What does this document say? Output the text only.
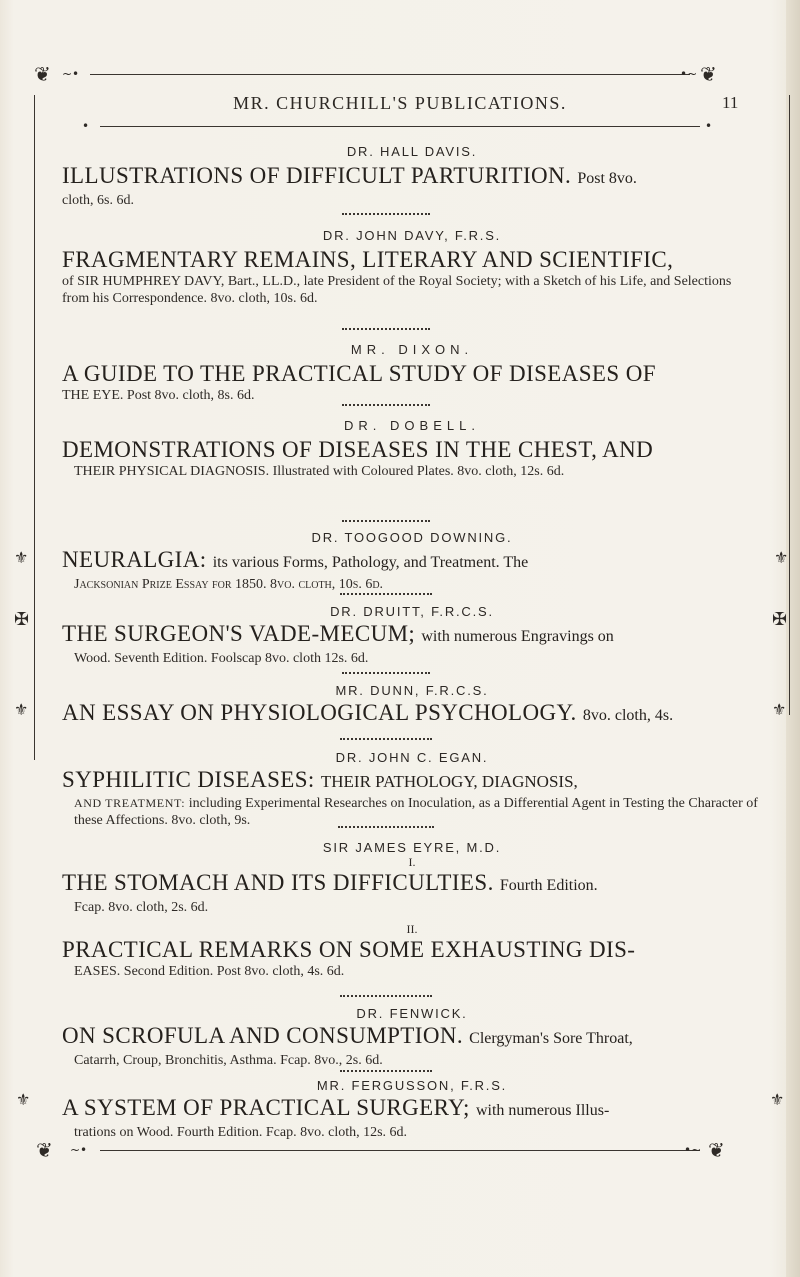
❦	❦
~•	•~
MR. CHURCHILL'S PUBLICATIONS.	11
•	•
DR. HALL DAVIS.
ILLUSTRATIONS OF DIFFICULT PARTURITION. Post 8vo.
cloth, 6s. 6d.
DR. JOHN DAVY, F.R.S.
FRAGMENTARY REMAINS, LITERARY AND SCIENTIFIC,
of SIR HUMPHREY DAVY, Bart., LL.D., late President of the Royal Society; with a Sketch of his Life, and Selections from his Correspondence. 8vo. cloth, 10s. 6d.
MR. DIXON.
A GUIDE TO THE PRACTICAL STUDY OF DISEASES OF
THE EYE. Post 8vo. cloth, 8s. 6d.
DR. DOBELL.
DEMONSTRATIONS OF DISEASES IN THE CHEST, AND
THEIR PHYSICAL DIAGNOSIS. Illustrated with Coloured Plates. 8vo. cloth, 12s. 6d.
DR. TOOGOOD DOWNING.
NEURALGIA: its various Forms, Pathology, and Treatment. The
Jacksonian Prize Essay for 1850. 8vo. cloth, 10s. 6d.
⚜	⚜
DR. DRUITT, F.R.C.S.
THE SURGEON'S VADE-MECUM; with numerous Engravings on
Wood. Seventh Edition. Foolscap 8vo. cloth 12s. 6d.
✠	✠
MR. DUNN, F.R.C.S.
AN ESSAY ON PHYSIOLOGICAL PSYCHOLOGY. 8vo. cloth, 4s.
⚜	⚜
DR. JOHN C. EGAN.
SYPHILITIC DISEASES: THEIR PATHOLOGY, DIAGNOSIS,
AND TREATMENT: including Experimental Researches on Inoculation, as a Differential Agent in Testing the Character of these Affections. 8vo. cloth, 9s.
SIR JAMES EYRE, M.D.
I.
THE STOMACH AND ITS DIFFICULTIES. Fourth Edition.
Fcap. 8vo. cloth, 2s. 6d.
II.
PRACTICAL REMARKS ON SOME EXHAUSTING DIS-
EASES. Second Edition. Post 8vo. cloth, 4s. 6d.
DR. FENWICK.
ON SCROFULA AND CONSUMPTION. Clergyman's Sore Throat,
Catarrh, Croup, Bronchitis, Asthma. Fcap. 8vo., 2s. 6d.
MR. FERGUSSON, F.R.S.
A SYSTEM OF PRACTICAL SURGERY; with numerous Illus-
trations on Wood. Fourth Edition. Fcap. 8vo. cloth, 12s. 6d.
⚜	⚜
❦	❦
~•	•~
